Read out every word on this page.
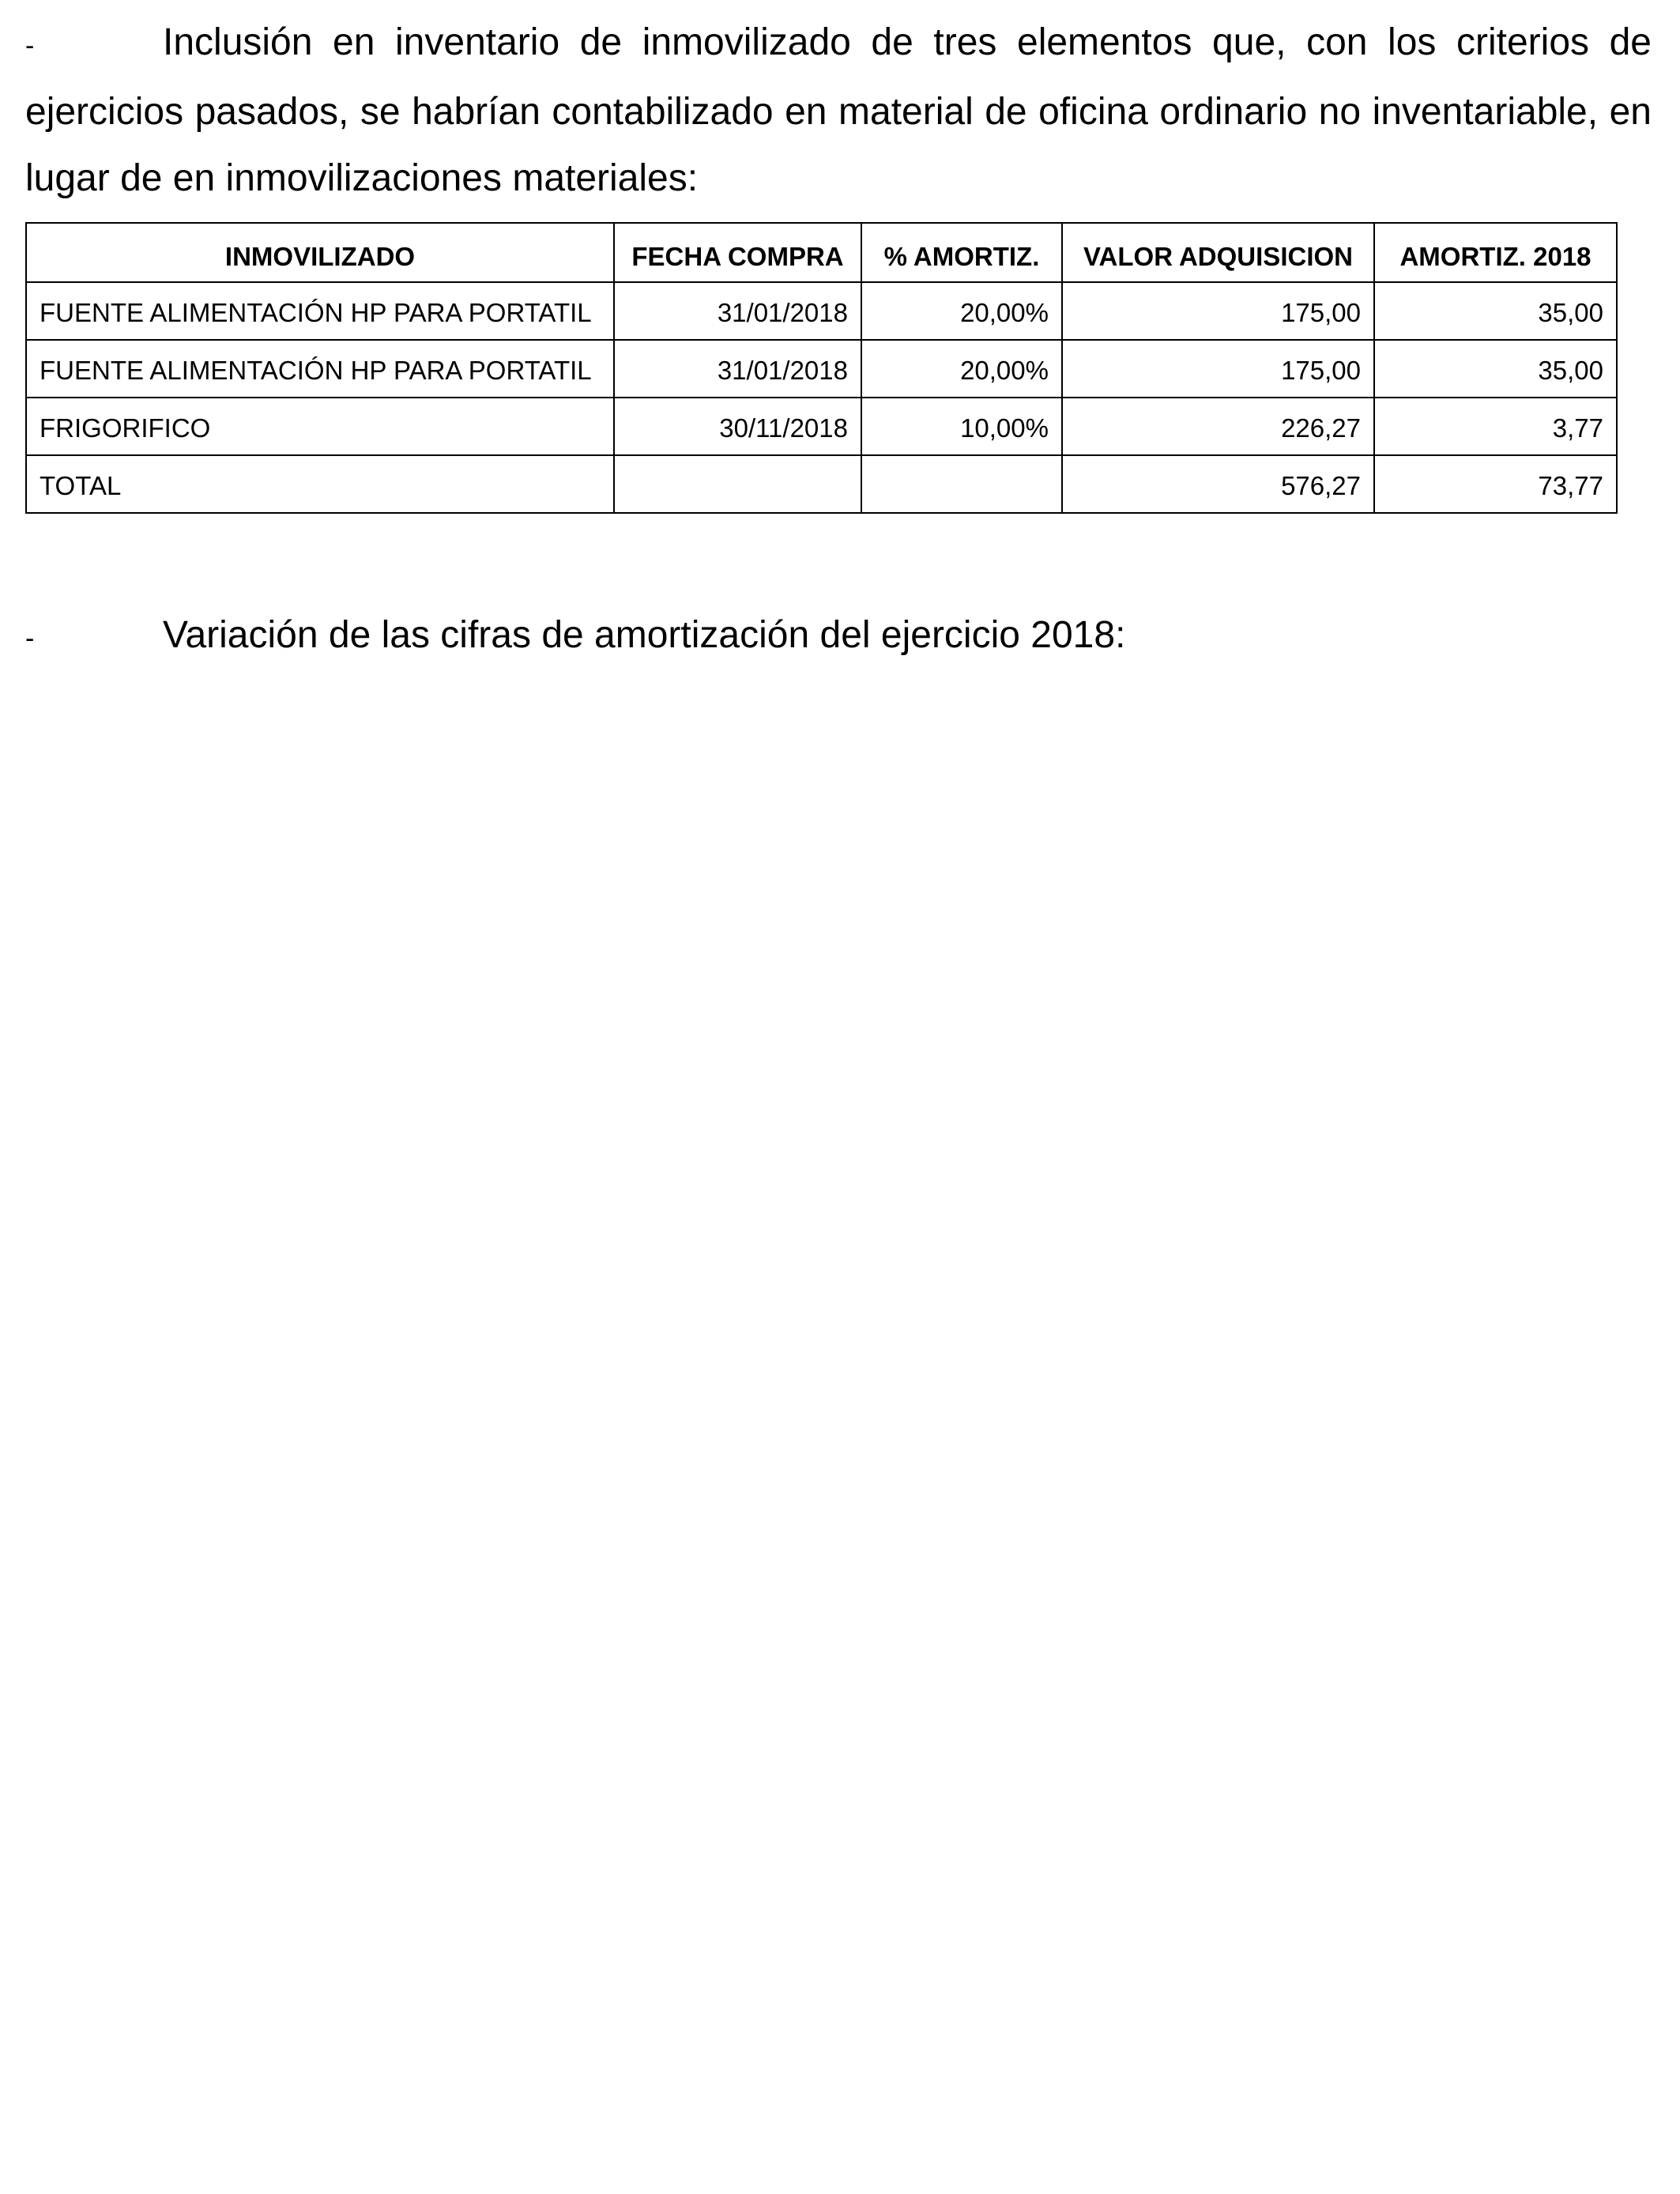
-	Inclusión en inventario de inmovilizado de tres elementos que, con los criterios de ejercicios pasados, se habrían contabilizado en material de oficina ordinario no inventariable, en lugar de en inmovilizaciones materiales:

INMOVILIZADO	FECHA COMPRA	% AMORTIZ.	VALOR ADQUISICION	AMORTIZ. 2018
FUENTE ALIMENTACIÓN HP PARA PORTATIL	31/01/2018	20,00%	175,00	35,00
FUENTE ALIMENTACIÓN HP PARA PORTATIL	31/01/2018	20,00%	175,00	35,00
FRIGORIFICO	30/11/2018	10,00%	226,27	3,77
TOTAL			576,27	73,77

-	Variación de las cifras de amortización del ejercicio 2018:
